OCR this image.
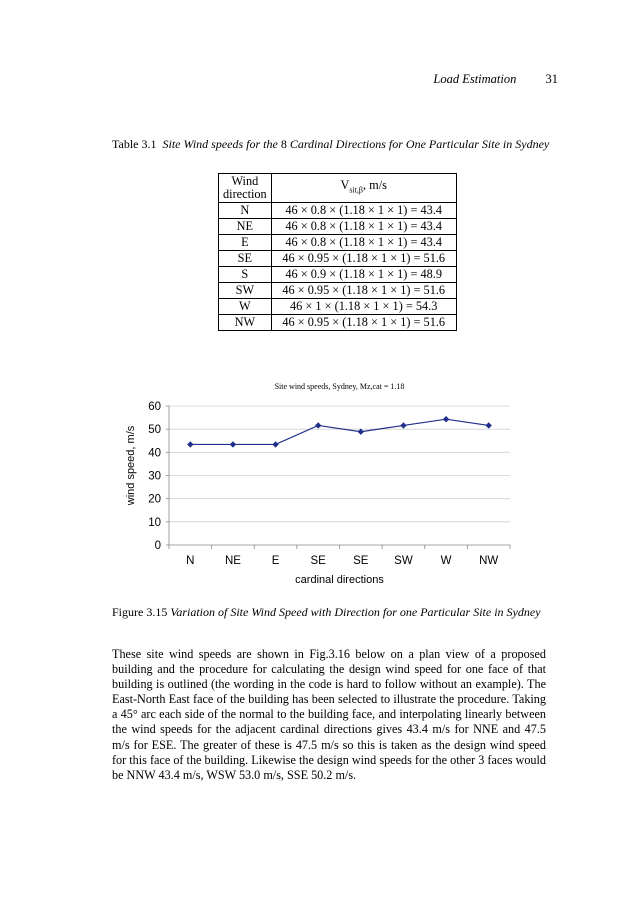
Load Estimation 31
Table 3.1 Site Wind speeds for the 8 Cardinal Directions for One Particular Site in Sydney
Wind direction	$V_{sit,\beta}$, m/s
N	46 × 0.8 × (1.18 × 1 × 1) = 43.4
NE	46 × 0.8 × (1.18 × 1 × 1) = 43.4
E	46 × 0.8 × (1.18 × 1 × 1) = 43.4
SE	46 × 0.95 × (1.18 × 1 × 1) = 51.6
S	46 × 0.9 × (1.18 × 1 × 1) = 48.9
SW	46 × 0.95 × (1.18 × 1 × 1) = 51.6
W	46 × 1 × (1.18 × 1 × 1) = 54.3
NW	46 × 0.95 × (1.18 × 1 × 1) = 51.6
Site wind speeds, Sydney, Mz,cat = 1.18
0
10
20
30
40
50
60
N	NE	E	SE SE SW W NW
cardinal directions
wind speed, m/s
Figure 3.15 Variation of Site Wind Speed with Direction for one Particular Site in Sydney

These site wind speeds are shown in Fig.3.16 below on a plan view of a proposed building and the procedure for calculating the design wind speed for one face of that building is outlined (the wording in the code is hard to follow without an example). The East-North East face of the building has been selected to illustrate the procedure. Taking a 45° arc each side of the normal to the building face, and interpolating linearly between the wind speeds for the adjacent cardinal directions gives 43.4 m/s for NNE and 47.5 m/s for ESE. The greater of these is 47.5 m/s so this is taken as the design wind speed for this face of the building. Likewise the design wind speeds for the other 3 faces would be NNW 43.4 m/s, WSW 53.0 m/s, SSE 50.2 m/s.
